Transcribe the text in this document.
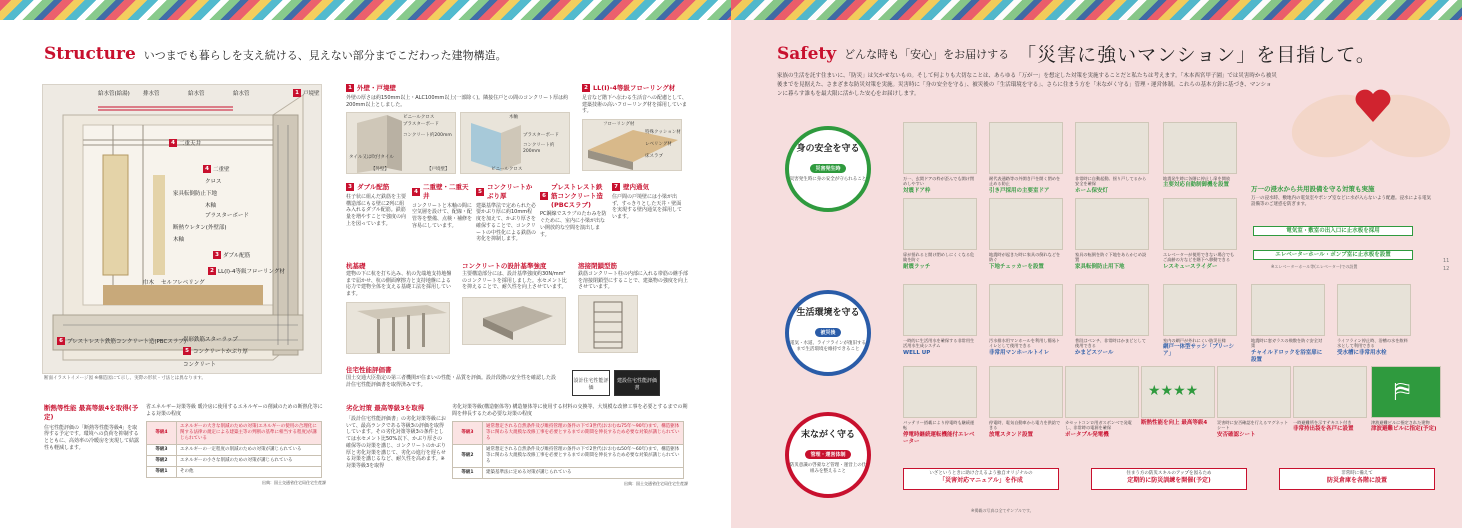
Structure いつまでも暮らしを支え続ける、見えない部分までこだわった建物構造。
給水管(給湯)	給水管	給水管
排水管	1 戸境壁
4 二重天井
4 二重壁
クロス
家具転倒防止下地
木軸
プラスターボード
断熱ウレタン(外壁部)
木軸
3 ダブル配筋
2 LL(I)-4等級フローリング材
巾木 セルフレベリング
6 プレストレスト鉄筋コンクリート造(PBCスラブ)
異形鉄筋スターラップ
5 コンクリートかぶり厚
コンクリート
断面イラストイメージ図 ※構造図にて示し、実際の形状・寸法とは異なります。
1 外壁・戸境壁
外壁の厚さは約150mm以上・ALC100mm以上(一部除く)。隣接住戸との間のコンクリート厚は約200mm以上としました。
ビニールクロス
プラスターボード
コンクリート約200mm
タイル又は吹付タイル
【外壁】	【戸境壁】
木軸
プラスターボード
コンクリート約200mm
ビニールクロス
2 LL(I)-4等級フローリング材
足音など階下へ伝わる生活音への配慮として、建築技術の高いフローリング材を採用しています。
フローリング材
特殊クッション材
レベリング材
床スラブ
3 ダブル配筋
柱子状に組んだ鉄筋を主要構造部にもる壁に2列に組み入れるダブル配筋。鉄筋量を増やすことで強度の向上を図っています。
4
二重壁・二重天井
コンクリートと木軸の間に空気層を設けて、配線・配管等を整備、点検・補修を容易にしています。
5
コンクリートかぶり厚
建築基準法で定められた必要かぶり厚に約10mm程度を加えて、かぶり厚さを確保することで、コンクリートの中性化による鉄筋の劣化を抑制します。
6
プレストレスト鉄筋コンクリート造(PBCスラブ)
PC鋼線でスラブのたわみを防ぐために、室内に小梁が出ない開放的な空間を演出します。
7 壁内通気
住戸間の戸境壁には小梁が出ず、すっきりとした天井・壁面を実現する壁内通気を採用しています。
杭基礎
建物の下に杭を打ち込み、杭の先端地支持地盤まで届かせ、杭の側面摩擦力と支持地盤による応力で建物全体を支える基礎工法を採用しています。
コンクリートの設計基準強度
主要構造部分には、設計基準強度約30N/mm²のコンクリートを採用しました。水セメント比を抑えることで、耐久性を向上させています。
溶接閉鎖型筋
鉄筋コンクリート柱の内部に入れる帯筋の継手部を溶接閉鎖型にすることで、建築物の強度を向上させています。
住宅性能評価書
国土交通大臣指定の第三者機関が住まいの性能・品質を評価。設計段階の安全性を確認した設計住宅性能評価書を取得済みです。
設計住宅性能評価
建設住宅性能評価書
断熱等性能 最高等級4を取得(予定)
住宅性能評価の「断熱等性能等級4」を取得する予定です。環境への負荷を抑制するとともに、高効率の冷暖房を実現して結露性も軽減します。
省エネルギー対策等級 暖冷房に使用するエネルギーの削減のための断熱化等による対策の程度
等級4	エネルギーの大きな削減のための対策(エネルギーの使用の合理化に関する法律の規定による建築主等の判断の基準に相当する程度)が講じられている
等級3	エネルギーの一定程度の削減のための対策が講じられている
等級2	エネルギーの小さな削減のための対策が講じられている
等級1	その他
出典：国土交通省住宅局住宅生産課
劣化対策 最高等級3を取得
「設計住宅性能評価書」の劣化対策等級において、最高ランクである等級3の評価を取得しています。その劣化対策等級3の条件としては水セメント比50%以下、かぶり厚さの確保等の対策を講じ、コンクリートのかぶり厚と劣化対策を講じて、劣化の進行を遅らせる対策を講じるなど、耐久性を高めます。※対策等級3を取得
劣化対策等級(構造躯体等) 構造躯体等に使用する材料の交換等、大規模な改修工事を必要とするまでの期間を伸長するため必要な対策の程度
等級3	通常想定される自然条件及び維持管理の条件の下で3世代(おおむね75年〜90年)まで、構造躯体等に関わる大規模な改修工事を必要とするまでの期間を伸長するため必要な対策が講じられている
等級2	通常想定される自然条件及び維持管理の条件の下で2世代(おおむね50年〜60年)まで、構造躯体等に関わる大規模な改修工事を必要とするまでの期間を伸長するため必要な対策が講じられている
等級1	建築基準法に定める対策が講じられている
出典：国土交通省住宅局住宅生産課
Safety どんな時も「安心」をお届けする 「災害に強いマンション」を目指して。
家族の生活を託す住まいに、「防災」は欠かせないもの。そして何よりも大切なことは、あらゆる「万が一」を想定した対策を実施することだと私たちは考えます。「木本西宮甲子園」では災害時から被災後までを見据えた、さまざまな防災対策を実施。災害時に「身の安全を守る」、被災後の「生活環境を守る」、さらに住まう方を「末ながく守る」管理・運営体制。これらの基本方針に基づき、マンションに暮らす誰もを最大限に活かした安心をお届けします。
身の安全を守る
災害発生時
災害発生時に身の安全が守られること
生活環境を守る
被災後
電気・水道、ライフラインが復旧するまで生活環境を維持できること
末ながく守る
管理・運営体制
防災意識の啓蒙など管理・運営上の仕組みを整えること
万一、玄関ドアの枠が歪んでも開け閉めしやすい
対震ドア枠
耐代表通路等の外開き戸を開く閉めを止める防止
引き戸採用の主要室ドア
非常時に自動起動。揺り戸してるから安全を確保
ホーム保安灯
地震発生時に各階に停止し扉を開放
主要対応自動制御機を設置
扉が揺れると開け閉めしにくくなる危険を防ぐ
耐震ラッチ
地震時が起きた時に家具の倒れなどを防ぐ
下地チェッカーを設置
家具の転倒を防ぐ下地をあらかじめ設置
家具転倒防止用下地
エレベーターが使用できない場合でもご高齢の方などを階下へ移動できる
レスキュースライダー
万一の浸水から共用設備を守る対策も実施
万一の浸水時、敷地内の電気室やポンプ室などに水が入らないよう配慮。浸水による電気設備等のご迷惑を防ぎます。
電気室・敷室の出入口に止水板を採用
エレベーターホール・ポンプ室に止水板を設置
※エレベーターホール等(エレベーター)での設置
一時的に生活用水を確保する非常用生活用水生成システム
WELL UP
汚水排水用マンホールを利用し簡易トイレとして使用できる
非常用マンホールトイレ
普段はベンチ、非常時はかまどとして使用できる
かまどスツール
室内の網戸が外れにくい防災仕様
網戸一体型サッシ「ブリーシア」
地震時に窓ガラスの飛散を防ぐ安全対策
チャイルドロックを浴室扉に設置
ライフライン停止時、浴槽の水を飲料水として利用できる
受水槽に非常用水栓
バッテリー搭載により停電時も継続運転
停電時継続運転機能付エレベーター
停電時、電気自動車から電力を供給できる
放電スタンド設置
カセットコンロ用ガスボンベで発電し、非常時の電源を確保
ポータブル発電機
★★★★
断熱性能を向上 最高等級4	災害時に安否確認を行えるマグネットシート
安否確認シート
一時避難所を示すテキスト付き
非常持出袋を各戸に設置
⛿
津波避難ビルに指定された建物
津波避難ビルに指定(予定)
いざというときに助け合えるよう独自オリジナルの
「災害対応マニュアル」を作成
住まう方の防災スキルのアップを図るため
定期的に防災訓練を開催(予定)
非常時に備えて
防災倉庫を各階に設置
※掲載の写真は全てサンプルです。
11
12
